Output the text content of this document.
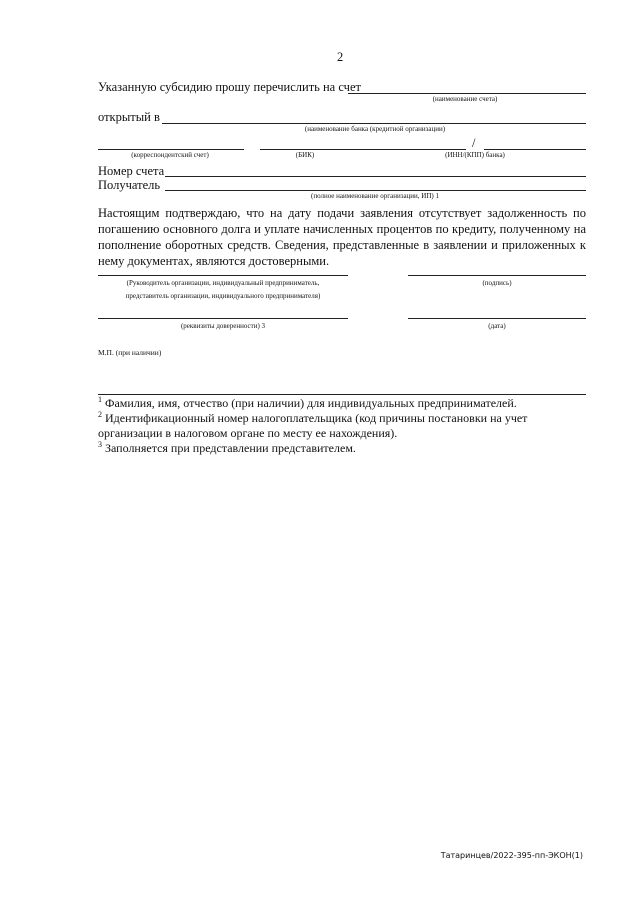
2
Указанную субсидию прошу перечислить на счет
(наименование счета)
открытый в
(наименование банка (кредитной организации)
/
(корреспондентский счет)	(БИК)	(ИНН/(КПП) банка)
Номер счета
Получатель
(полное наименование организации, ИП) 1
Настоящим подтверждаю, что на дату подачи заявления отсутствует задолженность по погашению основного долга и уплате начисленных процентов по кредиту, полученному на пополнение оборотных средств. Сведения, представленные в заявлении и приложенных к нему документах, являются достоверными.
(Руководитель организации, индивидуальный предприниматель,
представитель организации, индивидуального предпринимателя)
(подпись)
(реквизиты доверенности) 3	(дата)
М.П. (при наличии)
$^1$ Фамилия, имя, отчество (при наличии) для индивидуальных предпринимателей.
$^2$ Идентификационный номер налогоплательщика (код причины постановки на учет организации в налоговом органе по месту ее нахождения).
$^3$ Заполняется при представлении представителем.
Татаринцев/2022-395-пп-ЭКОН(1)
